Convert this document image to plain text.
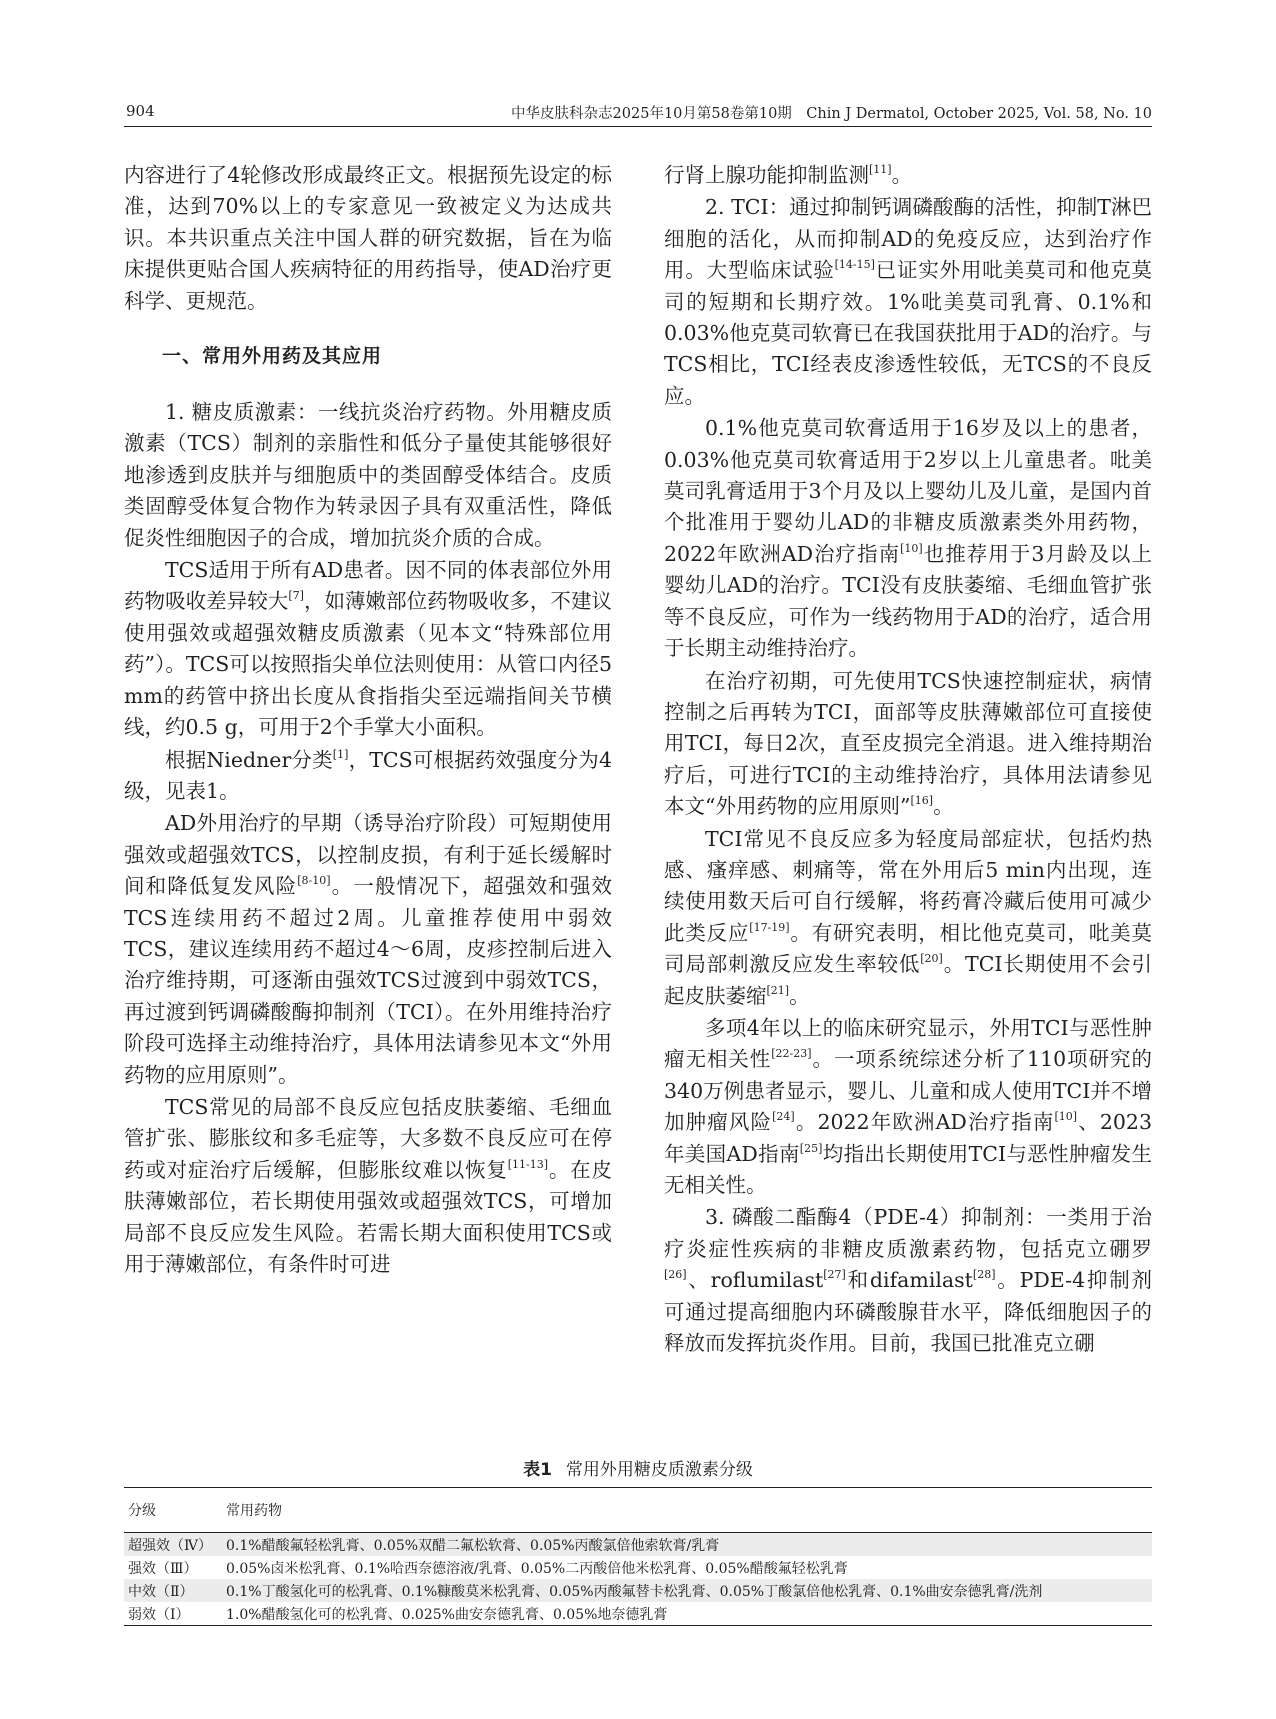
904	中华皮肤科杂志2025年10月第58卷第10期　Chin J Dermatol, October 2025, Vol. 58, No. 10

内容进行了4轮修改形成最终正文。根据预先设定的标准，达到70%以上的专家意见一致被定义为达成共识。本共识重点关注中国人群的研究数据，旨在为临床提供更贴合国人疾病特征的用药指导，使AD治疗更科学、更规范。

一、常用外用药及其应用

1. 糖皮质激素：一线抗炎治疗药物。外用糖皮质激素（TCS）制剂的亲脂性和低分子量使其能够很好地渗透到皮肤并与细胞质中的类固醇受体结合。皮质类固醇受体复合物作为转录因子具有双重活性，降低促炎性细胞因子的合成，增加抗炎介质的合成。

TCS适用于所有AD患者。因不同的体表部位外用药物吸收差异较大[7]，如薄嫩部位药物吸收多，不建议使用强效或超强效糖皮质激素（见本文“特殊部位用药”）。TCS可以按照指尖单位法则使用：从管口内径5 mm的药管中挤出长度从食指指尖至远端指间关节横线，约0.5 g，可用于2个手掌大小面积。

根据Niedner分类[1]，TCS可根据药效强度分为4级，见表1。

AD外用治疗的早期（诱导治疗阶段）可短期使用强效或超强效TCS，以控制皮损，有利于延长缓解时间和降低复发风险[8-10]。一般情况下，超强效和强效TCS连续用药不超过2周。儿童推荐使用中弱效TCS，建议连续用药不超过4～6周，皮疹控制后进入治疗维持期，可逐渐由强效TCS过渡到中弱效TCS，再过渡到钙调磷酸酶抑制剂（TCI）。在外用维持治疗阶段可选择主动维持治疗，具体用法请参见本文“外用药物的应用原则”。

TCS常见的局部不良反应包括皮肤萎缩、毛细血管扩张、膨胀纹和多毛症等，大多数不良反应可在停药或对症治疗后缓解，但膨胀纹难以恢复[11-13]。在皮肤薄嫩部位，若长期使用强效或超强效TCS，可增加局部不良反应发生风险。若需长期大面积使用TCS或用于薄嫩部位，有条件时可进

行肾上腺功能抑制监测[11]。

2. TCI：通过抑制钙调磷酸酶的活性，抑制T淋巴细胞的活化，从而抑制AD的免疫反应，达到治疗作用。大型临床试验[14-15]已证实外用吡美莫司和他克莫司的短期和长期疗效。1%吡美莫司乳膏、0.1%和0.03%他克莫司软膏已在我国获批用于AD的治疗。与TCS相比，TCI经表皮渗透性较低，无TCS的不良反应。

0.1%他克莫司软膏适用于16岁及以上的患者，0.03%他克莫司软膏适用于2岁以上儿童患者。吡美莫司乳膏适用于3个月及以上婴幼儿及儿童，是国内首个批准用于婴幼儿AD的非糖皮质激素类外用药物，2022年欧洲AD治疗指南[10]也推荐用于3月龄及以上婴幼儿AD的治疗。TCI没有皮肤萎缩、毛细血管扩张等不良反应，可作为一线药物用于AD的治疗，适合用于长期主动维持治疗。

在治疗初期，可先使用TCS快速控制症状，病情控制之后再转为TCI，面部等皮肤薄嫩部位可直接使用TCI，每日2次，直至皮损完全消退。进入维持期治疗后，可进行TCI的主动维持治疗，具体用法请参见本文“外用药物的应用原则”[16]。

TCI常见不良反应多为轻度局部症状，包括灼热感、瘙痒感、刺痛等，常在外用后5 min内出现，连续使用数天后可自行缓解，将药膏冷藏后使用可减少此类反应[17-19]。有研究表明，相比他克莫司，吡美莫司局部刺激反应发生率较低[20]。TCI长期使用不会引起皮肤萎缩[21]。

多项4年以上的临床研究显示，外用TCI与恶性肿瘤无相关性[22-23]。一项系统综述分析了110项研究的340万例患者显示，婴儿、儿童和成人使用TCI并不增加肿瘤风险[24]。2022年欧洲AD治疗指南[10]、2023年美国AD指南[25]均指出长期使用TCI与恶性肿瘤发生无相关性。

3. 磷酸二酯酶4（PDE-4）抑制剂：一类用于治疗炎症性疾病的非糖皮质激素药物，包括克立硼罗[26]、roflumilast[27]和difamilast[28]。PDE-4抑制剂可通过提高细胞内环磷酸腺苷水平，降低细胞因子的释放而发挥抗炎作用。目前，我国已批准克立硼

表1 常用外用糖皮质激素分级
分级	常用药物
超强效（Ⅳ）	0.1%醋酸氟轻松乳膏、0.05%双醋二氟松软膏、0.05%丙酸氯倍他索软膏/乳膏
强效（Ⅲ）	0.05%卤米松乳膏、0.1%哈西奈德溶液/乳膏、0.05%二丙酸倍他米松乳膏、0.05%醋酸氟轻松乳膏
中效（Ⅱ）	0.1%丁酸氢化可的松乳膏、0.1%糠酸莫米松乳膏、0.05%丙酸氟替卡松乳膏、0.05%丁酸氯倍他松乳膏、0.1%曲安奈德乳膏/洗剂
弱效（Ⅰ）	1.0%醋酸氢化可的松乳膏、0.025%曲安奈德乳膏、0.05%地奈德乳膏
